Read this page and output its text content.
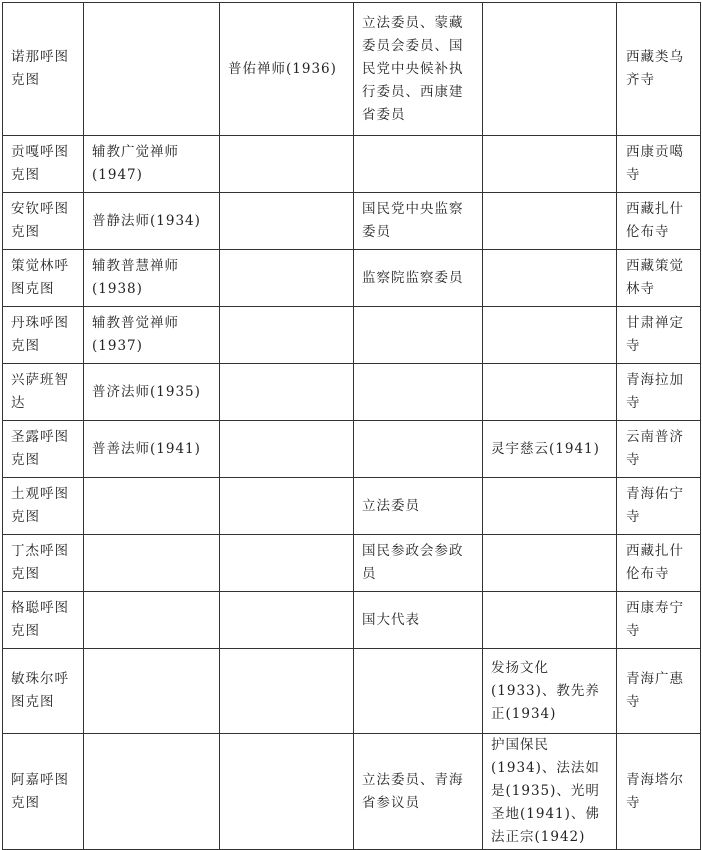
诺那呼图克图		普佑禅师(1936)	立法委员、蒙藏委员会委员、国民党中央候补执行委员、西康建省委员		西藏类乌齐寺

贡嘎呼图克图	辅教广觉禅师(1947)				西康贡噶寺

安钦呼图克图	普静法师(1934)		国民党中央监察委员		西藏扎什伦布寺

策觉林呼图克图	辅教普慧禅师(1938)		监察院监察委员		西藏策觉林寺

丹珠呼图克图	辅教普觉禅师(1937)				甘肃禅定寺

兴萨班智达	普济法师(1935)				青海拉加寺

圣露呼图克图	普善法师(1941)			灵宇慈云(1941)	云南普济寺

土观呼图克图			立法委员		青海佑宁寺

丁杰呼图克图			国民参政会参政员		西藏扎什伦布寺

格聪呼图克图			国大代表		西康寿宁寺

敏珠尔呼图克图				发扬文化(1933)、教先养正(1934)	青海广惠寺

阿嘉呼图克图			立法委员、青海省参议员	护国保民(1934)、法法如是(1935)、光明圣地(1941)、佛法正宗(1942)	青海塔尔寺
